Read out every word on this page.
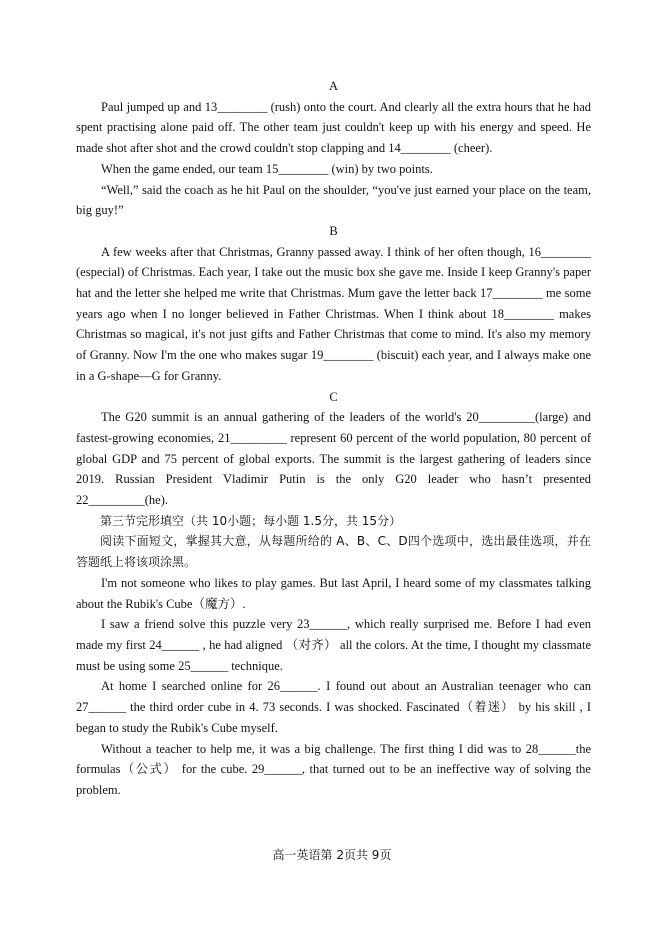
A

Paul jumped up and 13________ (rush) onto the court. And clearly all the extra hours that he had spent practising alone paid off. The other team just couldn't keep up with his energy and speed. He made shot after shot and the crowd couldn't stop clapping and 14________ (cheer).

When the game ended, our team 15________ (win) by two points.

“Well,” said the coach as he hit Paul on the shoulder, “you've just earned your place on the team, big guy!”

B

A few weeks after that Christmas, Granny passed away. I think of her often though, 16________ (especial) of Christmas. Each year, I take out the music box she gave me. Inside I keep Granny's paper hat and the letter she helped me write that Christmas. Mum gave the letter back 17________ me some years ago when I no longer believed in Father Christmas. When I think about 18________ makes Christmas so magical, it's not just gifts and Father Christmas that come to mind. It's also my memory of Granny. Now I'm the one who makes sugar 19________ (biscuit) each year, and I always make one in a G-shape—G for Granny.

C

The G20 summit is an annual gathering of the leaders of the world's 20_________(large) and fastest-growing economies, 21_________ represent 60 percent of the world population, 80 percent of global GDP and 75 percent of global exports. The summit is the largest gathering of leaders since 2019. Russian President Vladimir Putin is the only G20 leader who hasn’t presented 22_________(he).

第三节完形填空（共 10小题；每小题 1.5分，共 15分）

阅读下面短文，掌握其大意，从每题所给的 A、B、C、D四个选项中，选出最佳选项，并在答题纸上将该项涂黑。

I'm not someone who likes to play games. But last April, I heard some of my classmates talking about the Rubik's Cube（魔方）.

I saw a friend solve this puzzle very 23______, which really surprised me. Before I had even made my first 24______ , he had aligned （对齐） all the colors. At the time, I thought my classmate must be using some 25______ technique.

At home I searched online for 26______. I found out about an Australian teenager who can 27______ the third order cube in 4. 73 seconds. I was shocked. Fascinated（着迷） by his skill , I began to study the Rubik's Cube myself.

Without a teacher to help me, it was a big challenge. The first thing I did was to 28______the formulas（公式） for the cube. 29______, that turned out to be an ineffective way of solving the problem.

高一英语第 2页共 9页
